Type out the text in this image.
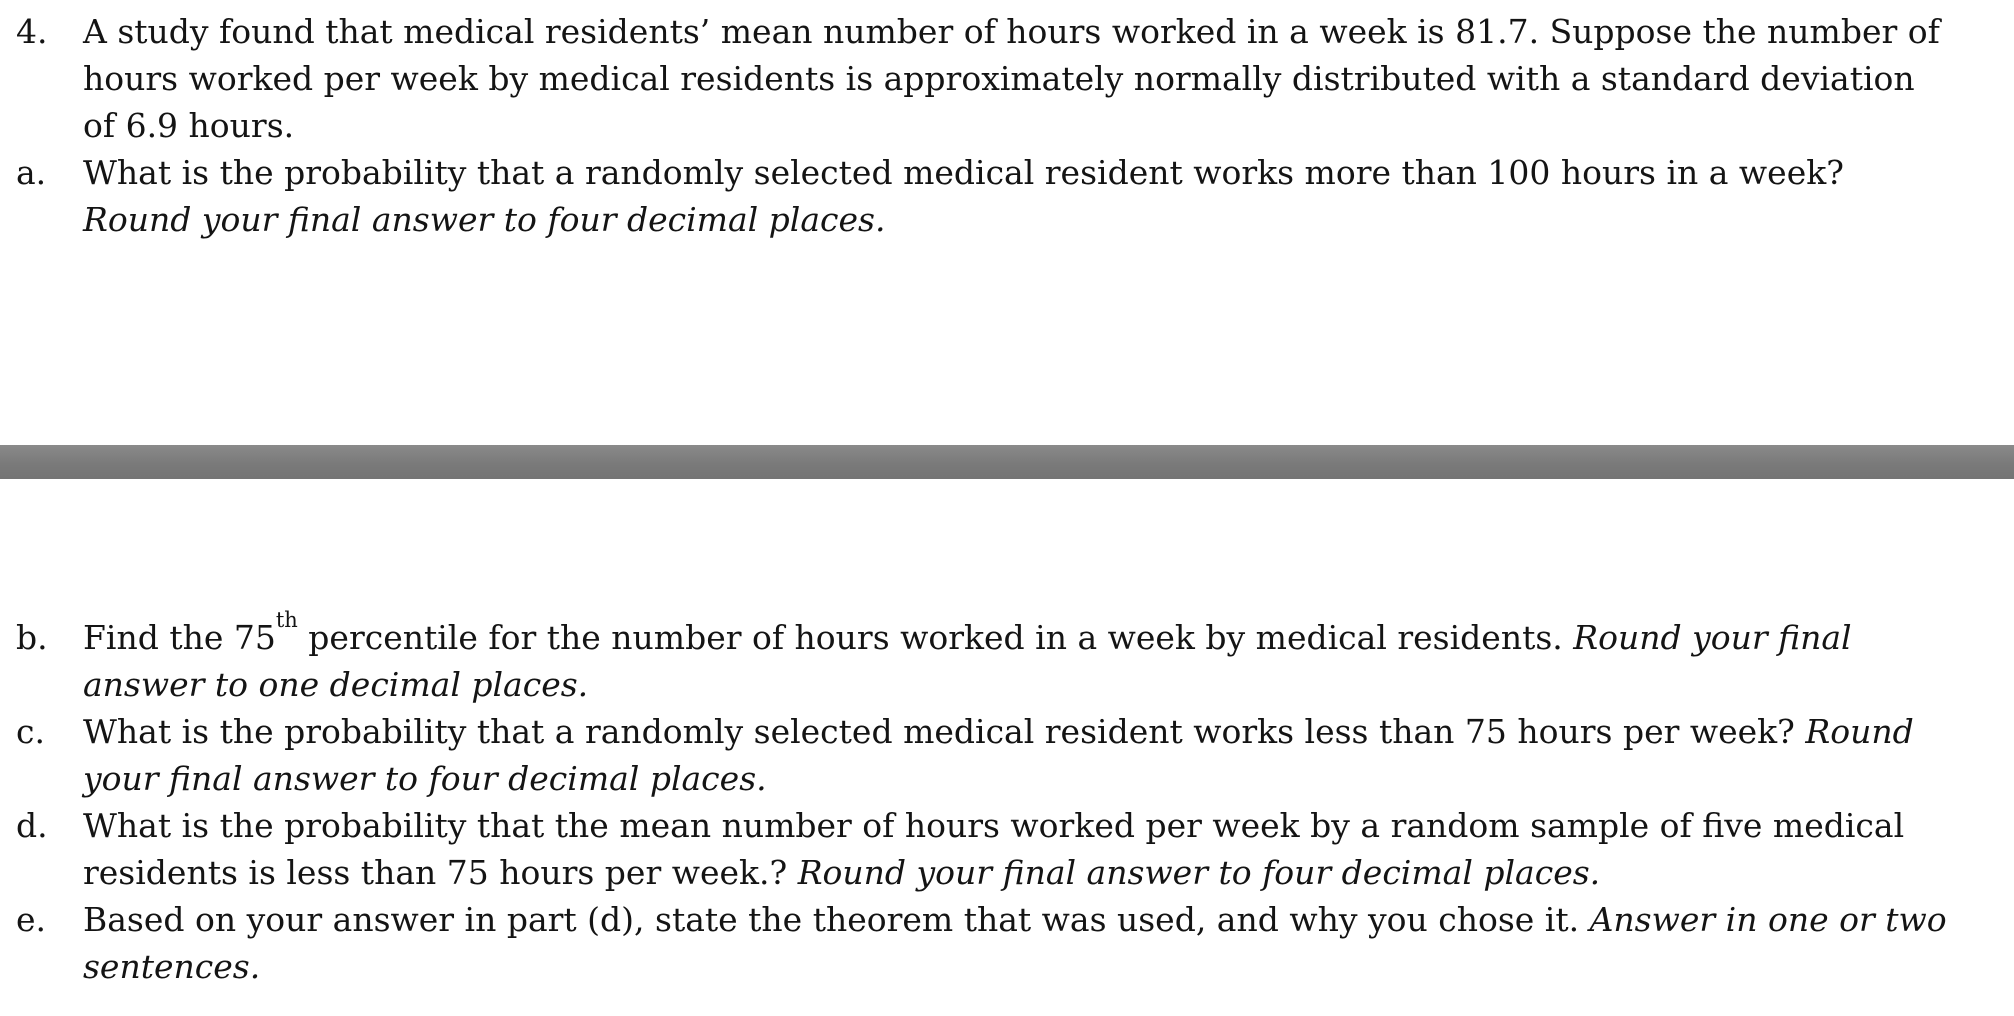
4. A study found that medical residents’ mean number of hours worked in a week is 81.7. Suppose the number of
hours worked per week by medical residents is approximately normally distributed with a standard deviation
of 6.9 hours.
a. What is the probability that a randomly selected medical resident works more than 100 hours in a week?
Round your final answer to four decimal places.
b. Find the 75th percentile for the number of hours worked in a week by medical residents. Round your final
answer to one decimal places.
c. What is the probability that a randomly selected medical resident works less than 75 hours per week? Round
your final answer to four decimal places.
d. What is the probability that the mean number of hours worked per week by a random sample of five medical
residents is less than 75 hours per week.? Round your final answer to four decimal places.
e. Based on your answer in part (d), state the theorem that was used, and why you chose it. Answer in one or two
sentences.
